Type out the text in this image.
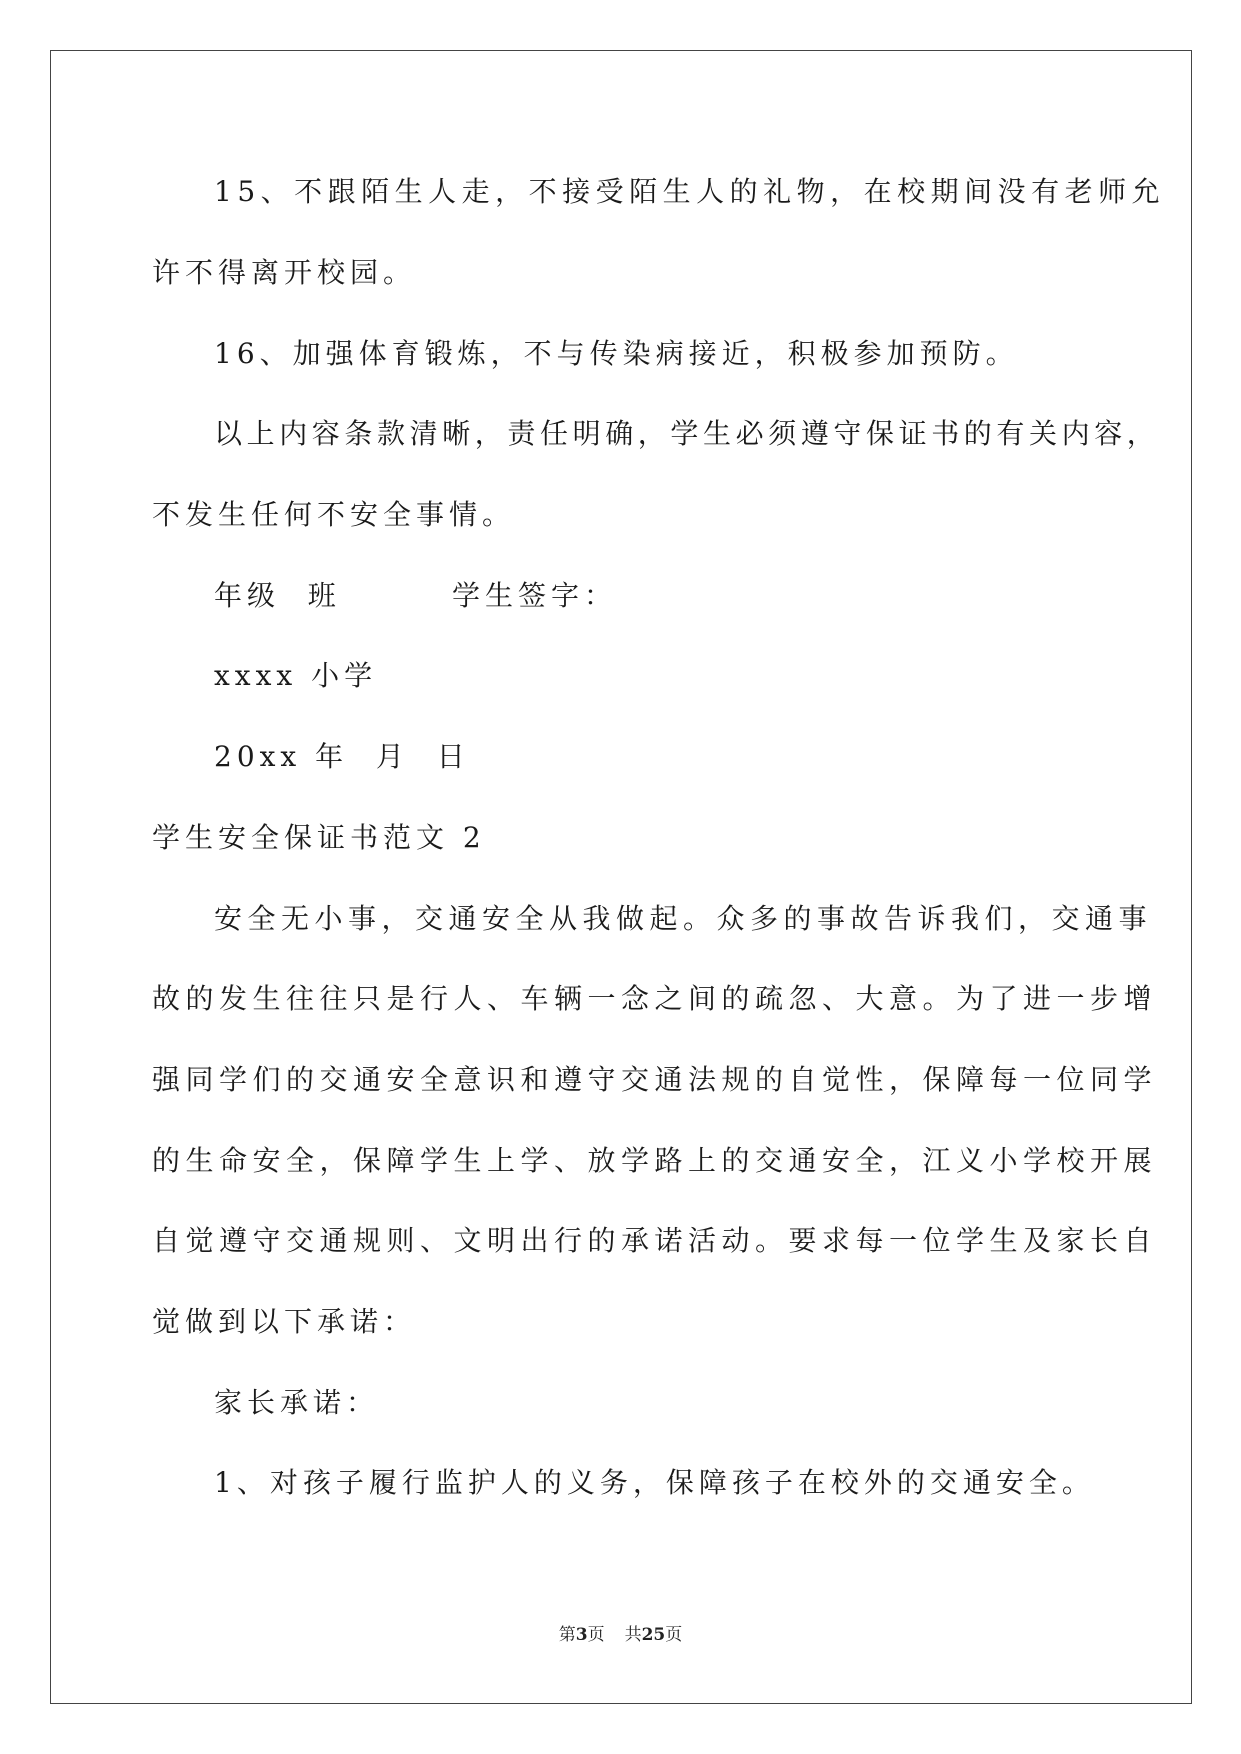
15、不跟陌生人走，不接受陌生人的礼物，在校期间没有老师允
许不得离开校园。
16、加强体育锻炼，不与传染病接近，积极参加预防。
以上内容条款清晰，责任明确，学生必须遵守保证书的有关内容，
不发生任何不安全事情。
年级  班        学生签字：
xxxx 小学
20xx 年  月  日
学生安全保证书范文 2
安全无小事，交通安全从我做起。众多的事故告诉我们，交通事
故的发生往往只是行人、车辆一念之间的疏忽、大意。为了进一步增
强同学们的交通安全意识和遵守交通法规的自觉性，保障每一位同学
的生命安全，保障学生上学、放学路上的交通安全，江义小学校开展
自觉遵守交通规则、文明出行的承诺活动。要求每一位学生及家长自
觉做到以下承诺：
家长承诺：
1、对孩子履行监护人的义务，保障孩子在校外的交通安全。
第3页 共25页
